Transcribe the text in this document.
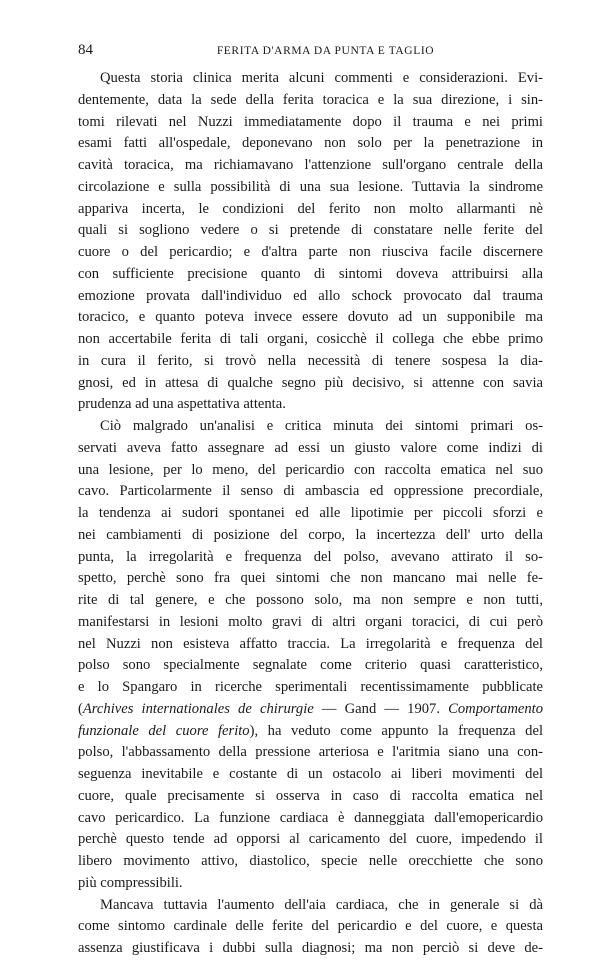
84	FERITA D'ARMA DA PUNTA E TAGLIO
Questa storia clinica merita alcuni commenti e considerazioni. Evi-
dentemente, data la sede della ferita toracica e la sua direzione, i sin-
tomi rilevati nel Nuzzi immediatamente dopo il trauma e nei primi
esami fatti all'ospedale, deponevano non solo per la penetrazione in
cavità toracica, ma richiamavano l'attenzione sull'organo centrale della
circolazione e sulla possibilità di una sua lesione. Tuttavia la sindrome
appariva incerta, le condizioni del ferito non molto allarmanti nè
quali si sogliono vedere o si pretende di constatare nelle ferite del
cuore o del pericardio; e d'altra parte non riusciva facile discernere
con sufficiente precisione quanto di sintomi doveva attribuirsi alla
emozione provata dall'individuo ed allo schock provocato dal trauma
toracico, e quanto poteva invece essere dovuto ad un supponibile ma
non accertabile ferita di tali organi, cosicchè il collega che ebbe primo
in cura il ferito, si trovò nella necessità di tenere sospesa la dia-
gnosi, ed in attesa di qualche segno più decisivo, si attenne con savia
prudenza ad una aspettativa attenta.
Ciò malgrado un'analisi e critica minuta dei sintomi primari os-
servati aveva fatto assegnare ad essi un giusto valore come indizi di
una lesione, per lo meno, del pericardio con raccolta ematica nel suo
cavo. Particolarmente il senso di ambascia ed oppressione precordiale,
la tendenza ai sudori spontanei ed alle lipotimie per piccoli sforzi e
nei cambiamenti di posizione del corpo, la incertezza dell' urto della
punta, la irregolarità e frequenza del polso, avevano attirato il so-
spetto, perchè sono fra quei sintomi che non mancano mai nelle fe-
rite di tal genere, e che possono solo, ma non sempre e non tutti,
manifestarsi in lesioni molto gravi di altri organi toracici, di cui però
nel Nuzzi non esisteva affatto traccia. La irregolarità e frequenza del
polso sono specialmente segnalate come criterio quasi caratteristico,
e lo Spangaro in ricerche sperimentali recentissimamente pubblicate
(Archives internationales de chirurgie — Gand — 1907. Comportamento
funzionale del cuore ferito), ha veduto come appunto la frequenza del
polso, l'abbassamento della pressione arteriosa e l'aritmia siano una con-
seguenza inevitabile e costante di un ostacolo ai liberi movimenti del
cuore, quale precisamente si osserva in caso di raccolta ematica nel
cavo pericardico. La funzione cardiaca è danneggiata dall'emopericardio
perchè questo tende ad opporsi al caricamento del cuore, impedendo il
libero movimento attivo, diastolico, specie nelle orecchiette che sono
più compressibili.
Mancava tuttavia l'aumento dell'aia cardiaca, che in generale si dà
come sintomo cardinale delle ferite del pericardio e del cuore, e questa
assenza giustificava i dubbi sulla diagnosi; ma non perciò si deve de-
